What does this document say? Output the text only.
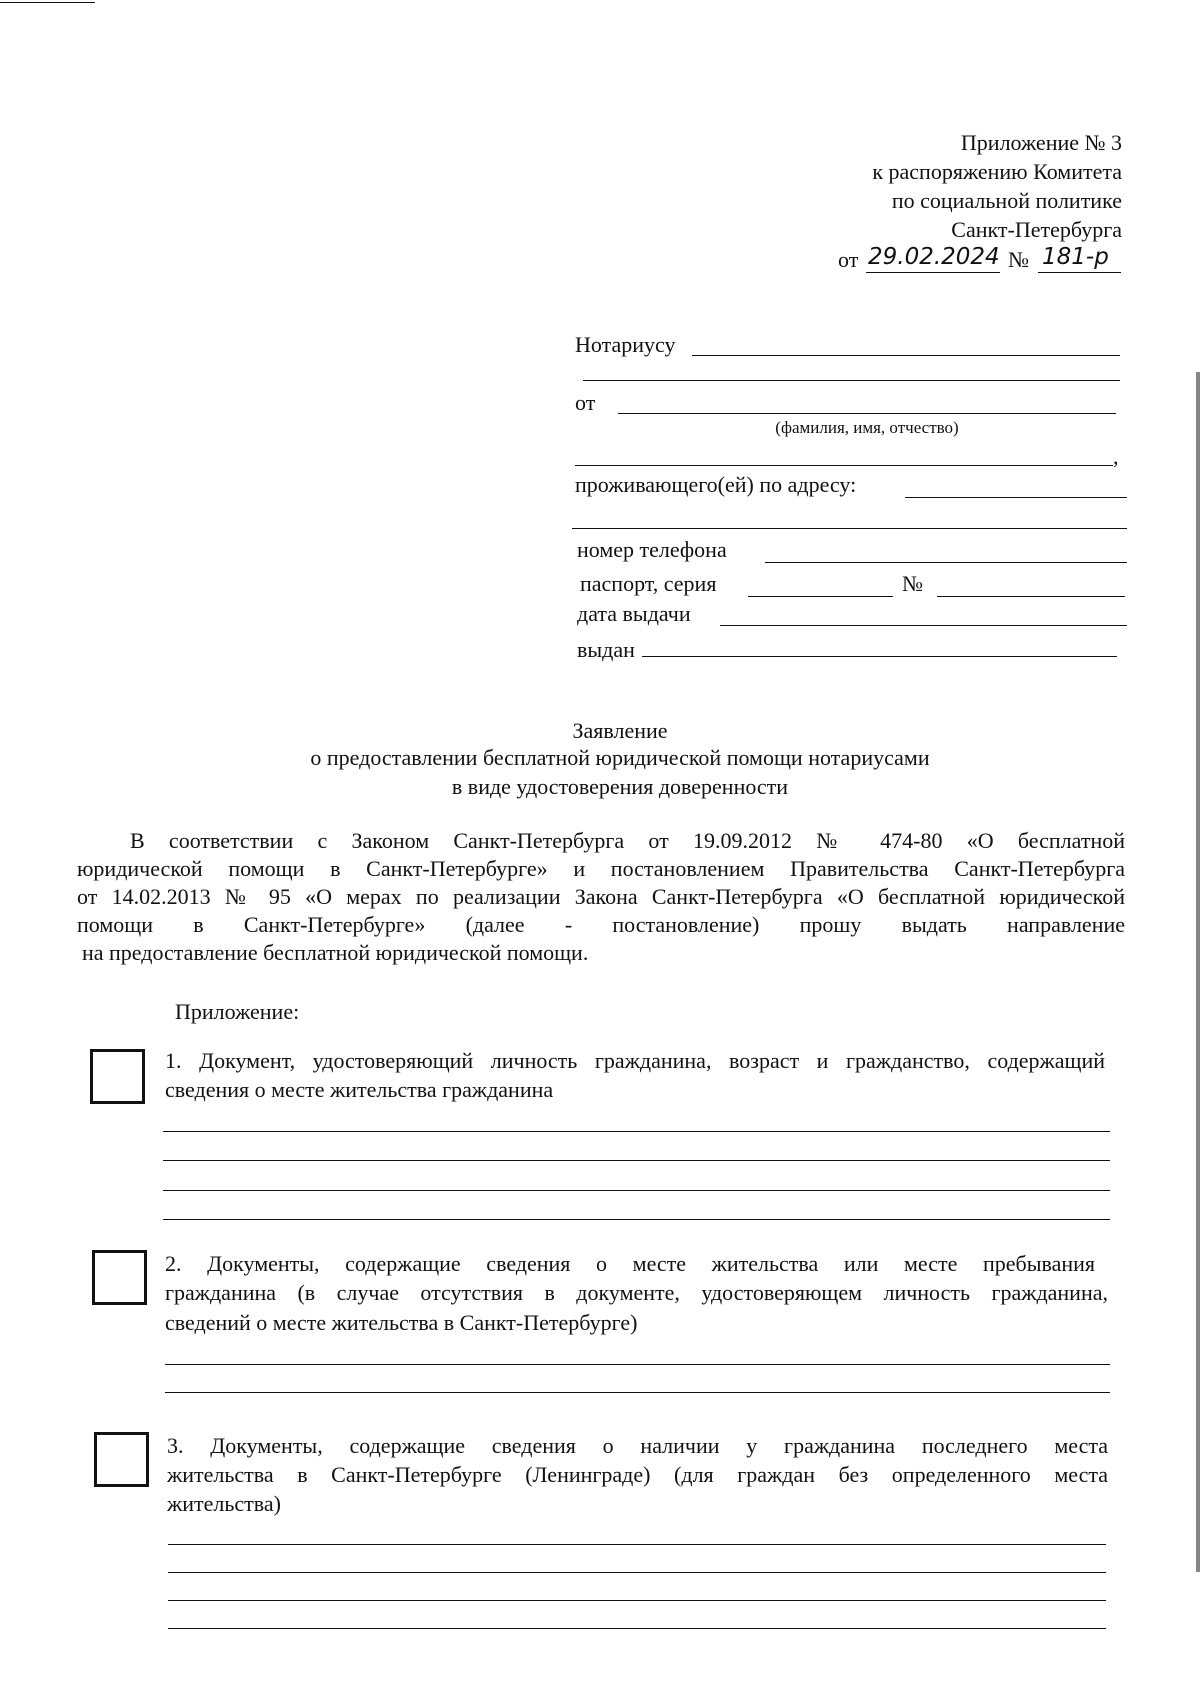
Приложение № 3
к распоряжению Комитета
по социальной политике
Санкт-Петербурга
от 29.02.2024 № 181-р
Нотариусу
от
(фамилия, имя, отчество)
,
проживающего(ей) по адресу:
номер телефона
паспорт, серия	№
дата выдачи
выдан
Заявление
о предоставлении бесплатной юридической помощи нотариусами
в виде удостоверения доверенности
В соответствии с Законом Санкт-Петербурга от 19.09.2012 № 474-80 «О бесплатной
юридической помощи в Санкт-Петербурге» и постановлением Правительства Санкт-Петербурга
от 14.02.2013 № 95 «О мерах по реализации Закона Санкт-Петербурга «О бесплатной юридической
помощи в Санкт-Петербурге» (далее - постановление) прошу выдать направление
на предоставление бесплатной юридической помощи.
Приложение:
1. Документ, удостоверяющий личность гражданина, возраст и гражданство, содержащий
сведения о месте жительства гражданина
2. Документы, содержащие сведения о месте жительства или месте пребывания
гражданина (в случае отсутствия в документе, удостоверяющем личность гражданина,
сведений о месте жительства в Санкт-Петербурге)
3. Документы, содержащие сведения о наличии у гражданина последнего места
жительства в Санкт-Петербурге (Ленинграде) (для граждан без определенного места
жительства)
